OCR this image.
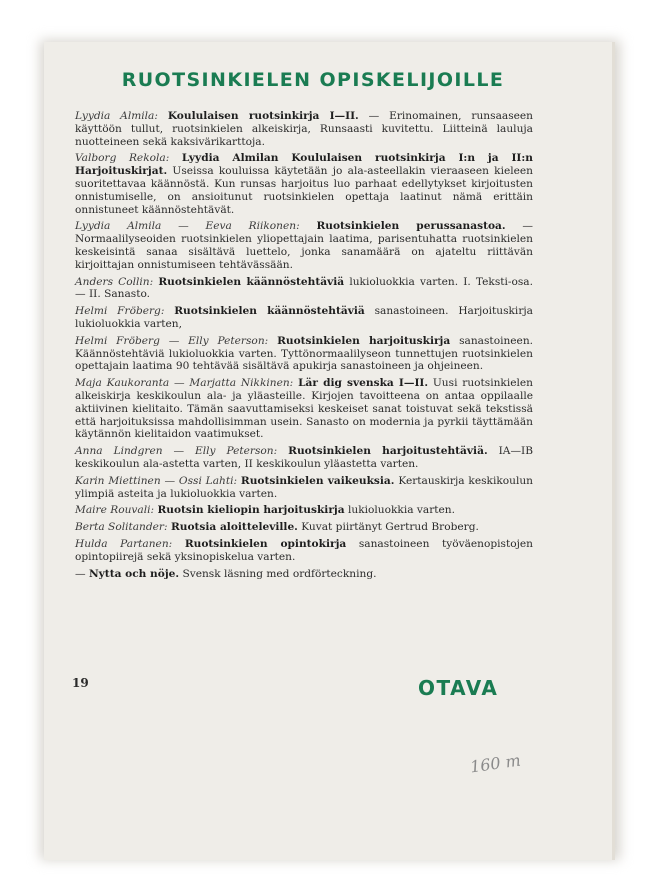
RUOTSINKIELEN OPISKELIJOILLE

Lyydia Almila: Koululaisen ruotsinkirja I—II. — Erinomainen, runsaaseen käyttöön tullut, ruotsinkielen alkeiskirja, Runsaasti kuvitettu. Liitteinä lauluja nuotteineen sekä kaksivärikarttoja.

Valborg Rekola: Lyydia Almilan Koululaisen ruotsinkirja I:n ja II:n Harjoituskirjat. Useissa kouluissa käytetään jo ala-asteellakin vieraaseen kieleen suoritettavaa käännöstä. Kun runsas harjoitus luo parhaat edellytykset kirjoitusten onnistumiselle, on ansioitunut ruotsinkielen opettaja laatinut nämä erittäin onnistuneet käännöstehtävät.

Lyydia Almila — Eeva Riikonen: Ruotsinkielen perussanastoa. — Normaalilyseoiden ruotsinkielen yliopettajain laatima, parisentuhatta ruotsinkielen keskeisintä sanaa sisältävä luettelo, jonka sanamäärä on ajateltu riittävän kirjoittajan onnistumiseen tehtävässään.

Anders Collin: Ruotsinkielen käännöstehtäviä lukioluokkia varten. I. Teksti-osa. — II. Sanasto.

Helmi Fröberg: Ruotsinkielen käännöstehtäviä sanastoineen. Harjoituskirja lukioluokkia varten,

Helmi Fröberg — Elly Peterson: Ruotsinkielen harjoituskirja sanastoineen. Käännöstehtäviä lukioluokkia varten. Tyttönormaalilyseon tunnettujen ruotsinkielen opettajain laatima 90 tehtävää sisältävä apukirja sanastoineen ja ohjeineen.

Maja Kaukoranta — Marjatta Nikkinen: Lär dig svenska I—II. Uusi ruotsinkielen alkeiskirja keskikoulun ala- ja yläasteille. Kirjojen tavoitteena on antaa oppilaalle aktiivinen kielitaito. Tämän saavuttamiseksi keskeiset sanat toistuvat sekä tekstissä että harjoituksissa mahdollisimman usein. Sanasto on modernia ja pyrkii täyttämään käytännön kielitaidon vaatimukset.

Anna Lindgren — Elly Peterson: Ruotsinkielen harjoitustehtäviä. IA—IB keskikoulun ala-astetta varten, II keskikoulun yläastetta varten.

Karin Miettinen — Ossi Lahti: Ruotsinkielen vaikeuksia. Kertauskirja keskikoulun ylimpiä asteita ja lukioluokkia varten.

Maire Rouvali: Ruotsin kieliopin harjoituskirja lukioluokkia varten.

Berta Solitander: Ruotsia aloitteleville. Kuvat piirtänyt Gertrud Broberg.

Hulda Partanen: Ruotsinkielen opintokirja sanastoineen työväenopistojen opintopiirejä sekä yksinopiskelua varten.

— Nytta och nöje. Svensk läsning med ordförteckning.

19	OTAVA
160 m
